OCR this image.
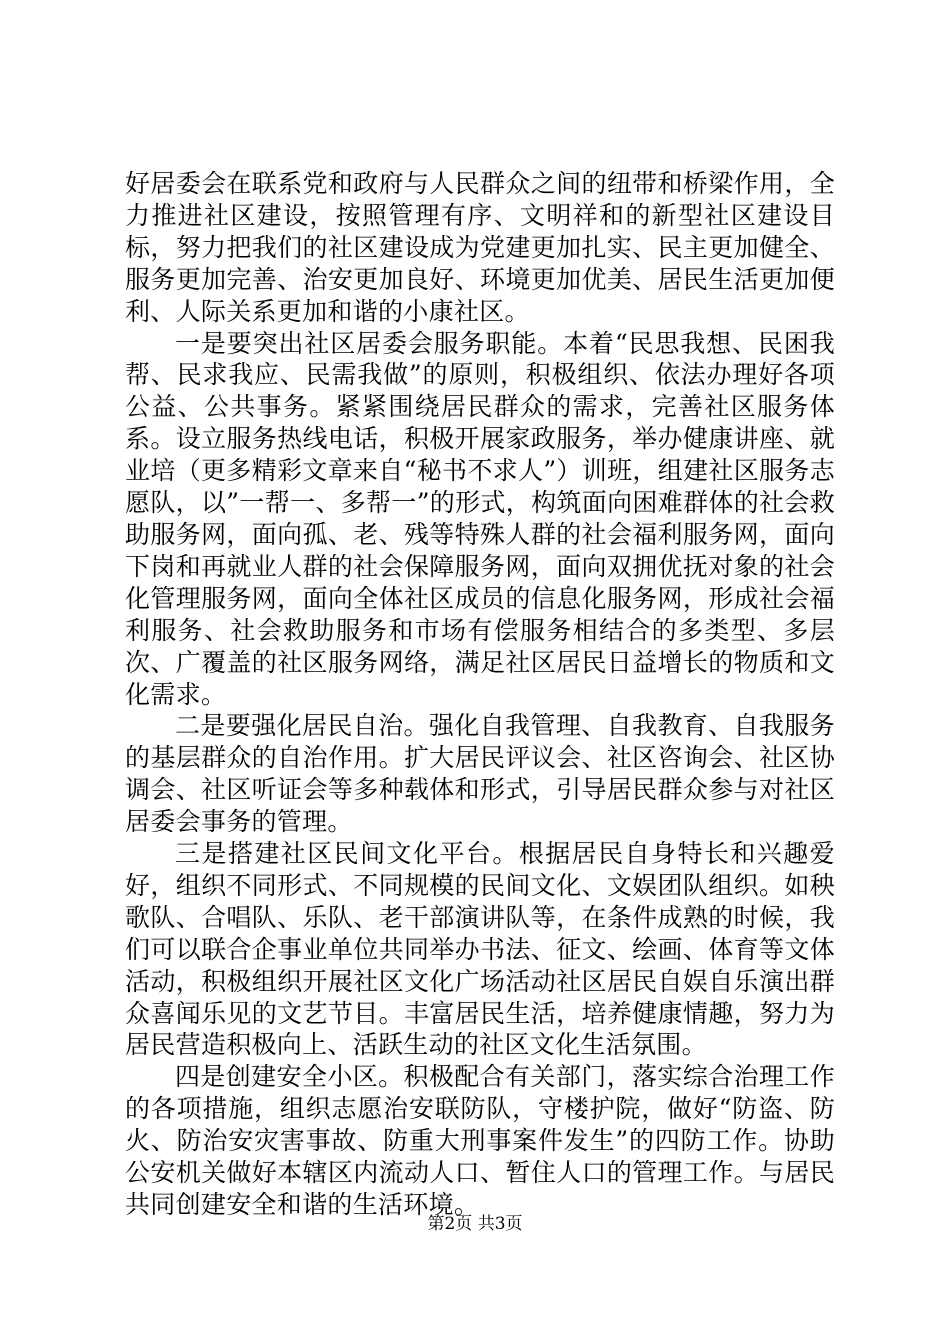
好居委会在联系党和政府与人民群众之间的纽带和桥梁作用，全力推进社区建设，按照管理有序、文明祥和的新型社区建设目标，努力把我们的社区建设成为党建更加扎实、民主更加健全、服务更加完善、治安更加良好、环境更加优美、居民生活更加便利、人际关系更加和谐的小康社区。

一是要突出社区居委会服务职能。本着“民思我想、民困我帮、民求我应、民需我做”的原则，积极组织、依法办理好各项公益、公共事务。紧紧围绕居民群众的需求，完善社区服务体系。设立服务热线电话，积极开展家政服务，举办健康讲座、就业培（更多精彩文章来自“秘书不求人”）训班，组建社区服务志愿队，以”一帮一、多帮一”的形式，构筑面向困难群体的社会救助服务网，面向孤、老、残等特殊人群的社会福利服务网，面向下岗和再就业人群的社会保障服务网，面向双拥优抚对象的社会化管理服务网，面向全体社区成员的信息化服务网，形成社会福利服务、社会救助服务和市场有偿服务相结合的多类型、多层次、广覆盖的社区服务网络，满足社区居民日益增长的物质和文化需求。

二是要强化居民自治。强化自我管理、自我教育、自我服务的基层群众的自治作用。扩大居民评议会、社区咨询会、社区协调会、社区听证会等多种载体和形式，引导居民群众参与对社区居委会事务的管理。

三是搭建社区民间文化平台。根据居民自身特长和兴趣爱好，组织不同形式、不同规模的民间文化、文娱团队组织。如秧歌队、合唱队、乐队、老干部演讲队等，在条件成熟的时候，我们可以联合企事业单位共同举办书法、征文、绘画、体育等文体活动，积极组织开展社区文化广场活动社区居民自娱自乐演出群众喜闻乐见的文艺节目。丰富居民生活，培养健康情趣，努力为居民营造积极向上、活跃生动的社区文化生活氛围。

四是创建安全小区。积极配合有关部门，落实综合治理工作的各项措施，组织志愿治安联防队，守楼护院，做好“防盗、防火、防治安灾害事故、防重大刑事案件发生”的四防工作。协助公安机关做好本辖区内流动人口、暂住人口的管理工作。与居民共同创建安全和谐的生活环境。

第2页 共3页
